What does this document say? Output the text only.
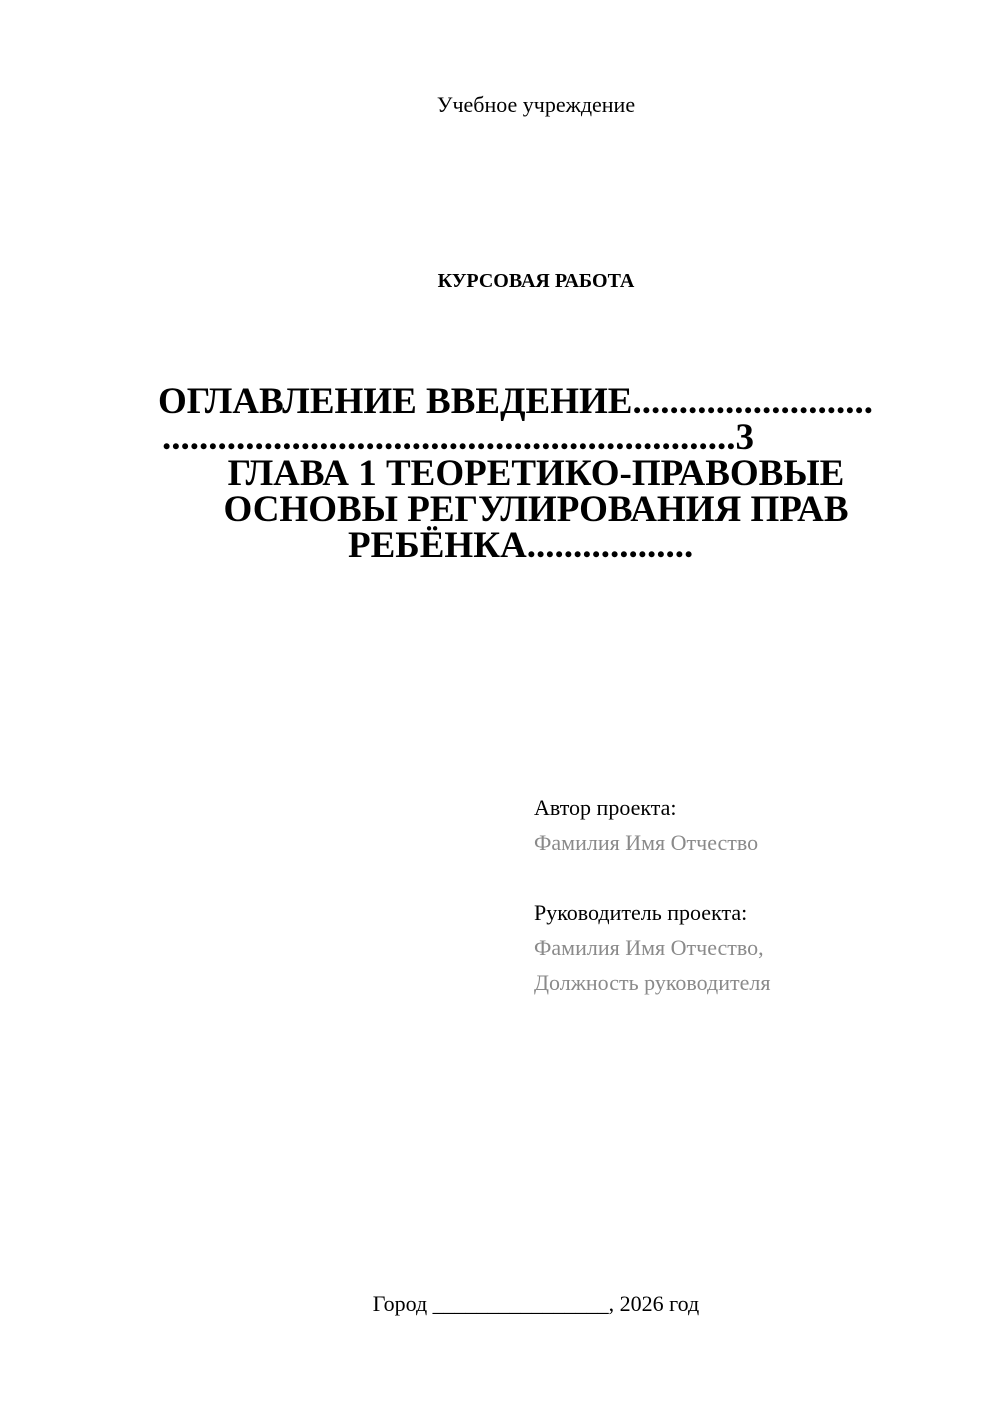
Учебное учреждение
КУРСОВАЯ РАБОТА
ОГЛАВЛЕНИЕ ВВЕДЕНИЕ..........................
..............................................................3
ГЛАВА 1 ТЕОРЕТИКО-ПРАВОВЫЕ
ОСНОВЫ РЕГУЛИРОВАНИЯ ПРАВ
РЕБЁНКА..................
Автор проекта:
Фамилия Имя Отчество
Руководитель проекта:
Фамилия Имя Отчество,
Должность руководителя
Город ________________, 2026 год
